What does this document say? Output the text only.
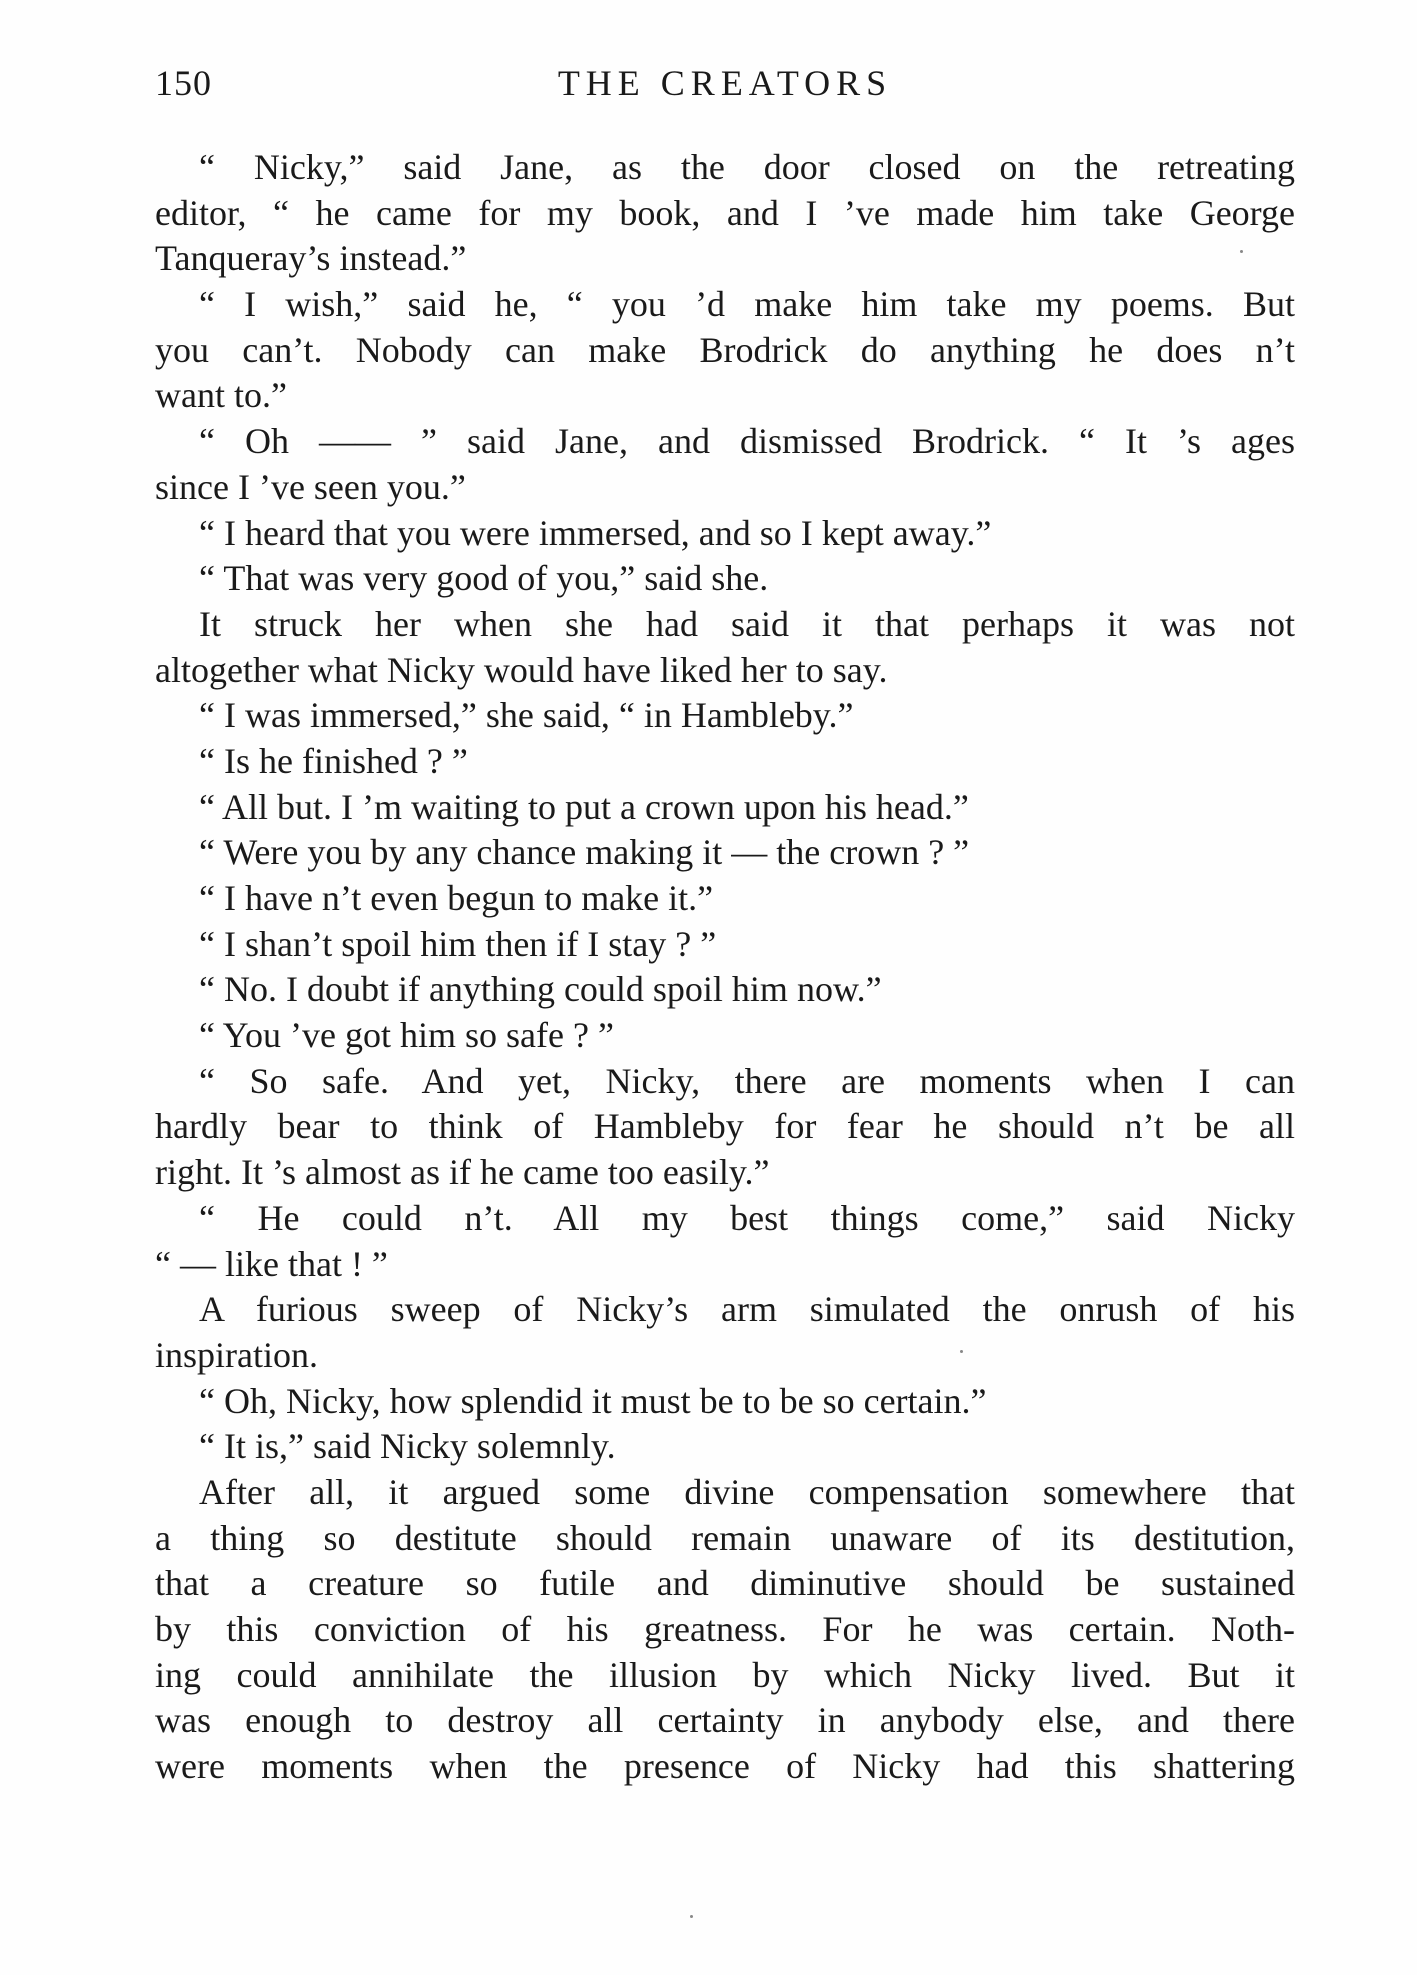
150	THE CREATORS
“ Nicky,” said Jane, as the door closed on the retreating
editor, “ he came for my book, and I ’ve made him take George
Tanqueray’s instead.”
“ I wish,” said he, “ you ’d make him take my poems. But
you can’t. Nobody can make Brodrick do anything he does n’t
want to.”
“ Oh —— ” said Jane, and dismissed Brodrick. “ It ’s ages
since I ’ve seen you.”
“ I heard that you were immersed, and so I kept away.”
“ That was very good of you,” said she.
It struck her when she had said it that perhaps it was not
altogether what Nicky would have liked her to say.
“ I was immersed,” she said, “ in Hambleby.”
“ Is he finished ? ”
“ All but. I ’m waiting to put a crown upon his head.”
“ Were you by any chance making it — the crown ? ”
“ I have n’t even begun to make it.”
“ I shan’t spoil him then if I stay ? ”
“ No. I doubt if anything could spoil him now.”
“ You ’ve got him so safe ? ”
“ So safe. And yet, Nicky, there are moments when I can
hardly bear to think of Hambleby for fear he should n’t be all
right. It ’s almost as if he came too easily.”
“ He could n’t. All my best things come,” said Nicky
“ — like that ! ”
A furious sweep of Nicky’s arm simulated the onrush of his
inspiration.
“ Oh, Nicky, how splendid it must be to be so certain.”
“ It is,” said Nicky solemnly.
After all, it argued some divine compensation somewhere that
a thing so destitute should remain unaware of its destitution,
that a creature so futile and diminutive should be sustained
by this conviction of his greatness. For he was certain. Noth-
ing could annihilate the illusion by which Nicky lived. But it
was enough to destroy all certainty in anybody else, and there
were moments when the presence of Nicky had this shattering
